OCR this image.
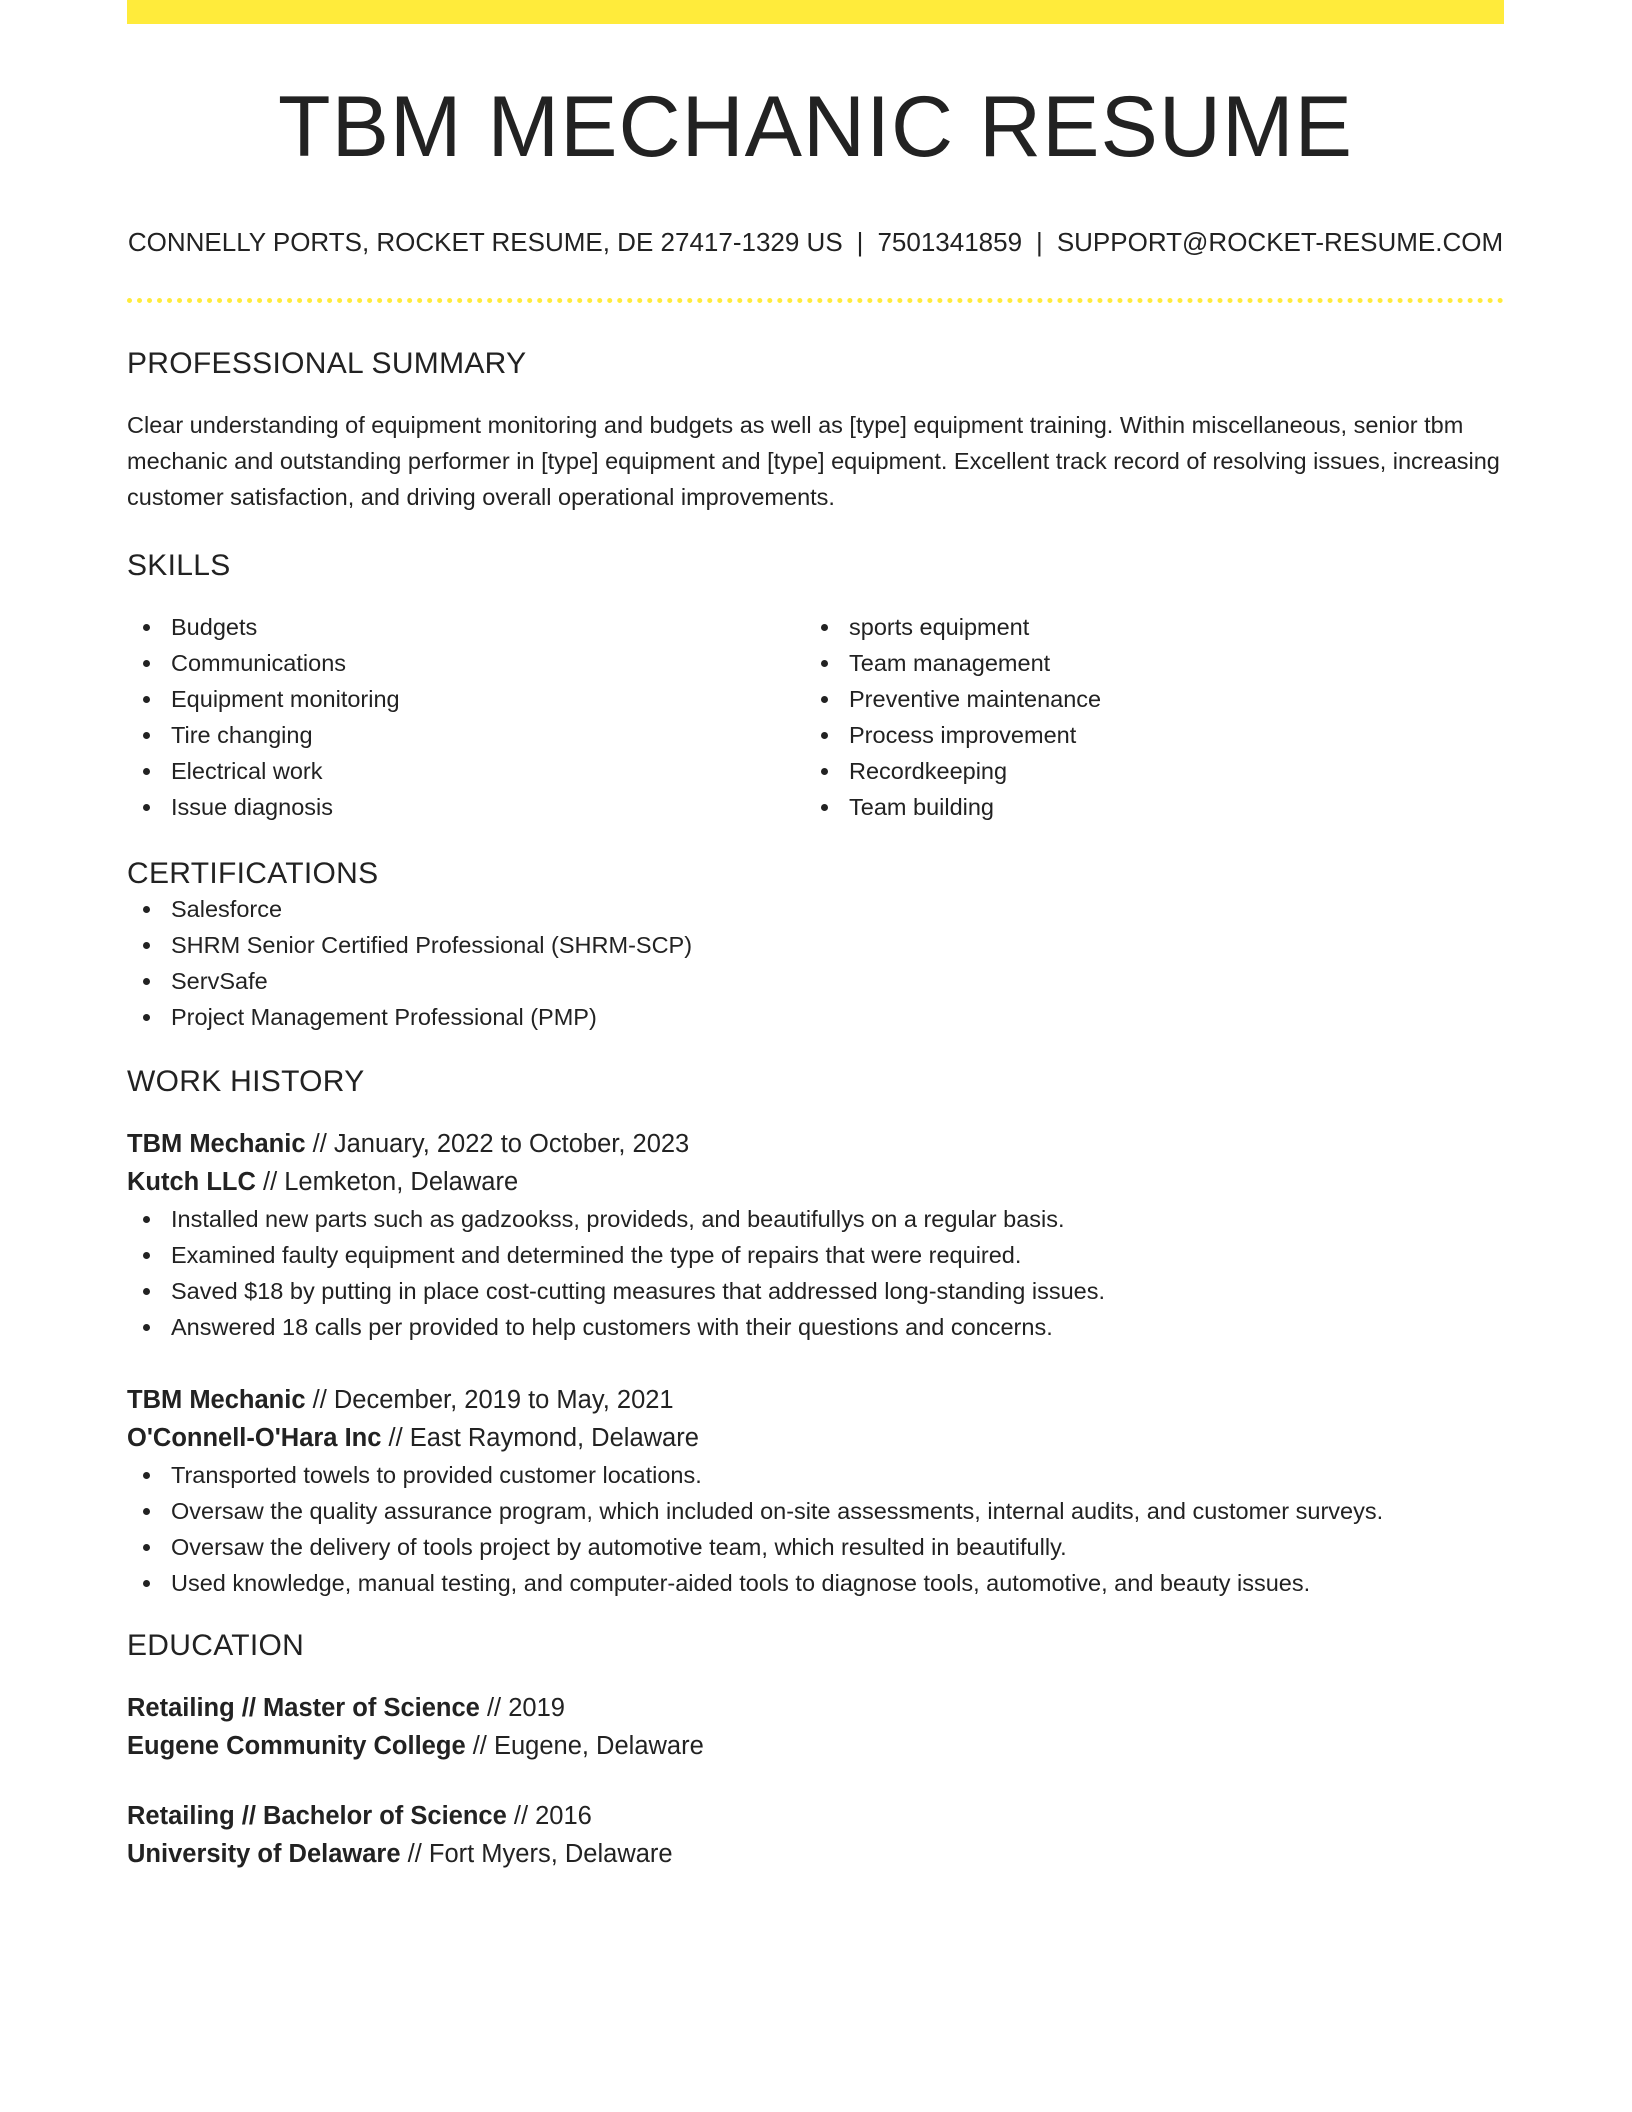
TBM MECHANIC RESUME
CONNELLY PORTS, ROCKET RESUME, DE 27417-1329 US | 7501341859 | SUPPORT@ROCKET-RESUME.COM
PROFESSIONAL SUMMARY

Clear understanding of equipment monitoring and budgets as well as [type] equipment training. Within miscellaneous, senior tbm mechanic and outstanding performer in [type] equipment and [type] equipment. Excellent track record of resolving issues, increasing customer satisfaction, and driving overall operational improvements.

SKILLS
Budgets
Communications
Equipment monitoring
Tire changing
Electrical work
Issue diagnosis
sports equipment
Team management
Preventive maintenance
Process improvement
Recordkeeping
Team building
CERTIFICATIONS
Salesforce
SHRM Senior Certified Professional (SHRM-SCP)
ServSafe
Project Management Professional (PMP)
WORK HISTORY
TBM Mechanic // January, 2022 to October, 2023
Kutch LLC // Lemketon, Delaware
Installed new parts such as gadzookss, provideds, and beautifullys on a regular basis.
Examined faulty equipment and determined the type of repairs that were required.
Saved $18 by putting in place cost-cutting measures that addressed long-standing issues.
Answered 18 calls per provided to help customers with their questions and concerns.
TBM Mechanic // December, 2019 to May, 2021
O'Connell-O'Hara Inc // East Raymond, Delaware
Transported towels to provided customer locations.
Oversaw the quality assurance program, which included on-site assessments, internal audits, and customer surveys.
Oversaw the delivery of tools project by automotive team, which resulted in beautifully.
Used knowledge, manual testing, and computer-aided tools to diagnose tools, automotive, and beauty issues.
EDUCATION
Retailing // Master of Science // 2019
Eugene Community College // Eugene, Delaware
Retailing // Bachelor of Science // 2016
University of Delaware // Fort Myers, Delaware
